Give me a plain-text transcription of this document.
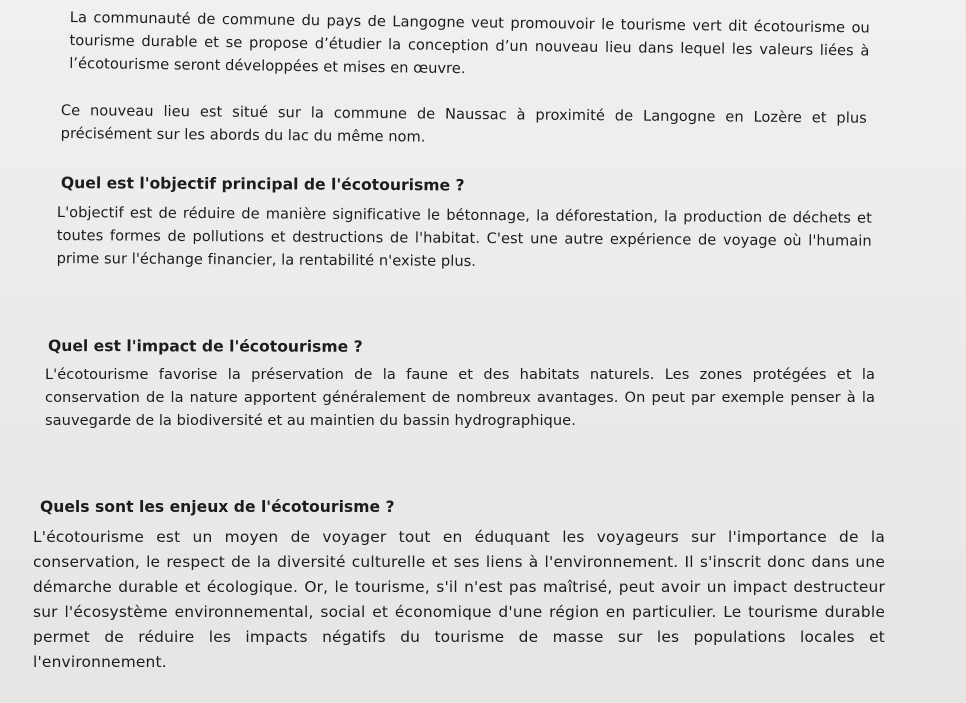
La communauté de commune du pays de Langogne veut promouvoir le tourisme vert dit écotourisme ou tourisme durable et se propose d’étudier la conception d’un nouveau lieu dans lequel les valeurs liées à l’écotourisme seront développées et mises en œuvre.

Ce nouveau lieu est situé sur la commune de Naussac à proximité de Langogne en Lozère et plus précisément sur les abords du lac du même nom.

Quel est l'objectif principal de l'écotourisme ?

L'objectif est de réduire de manière significative le bétonnage, la déforestation, la production de déchets et toutes formes de pollutions et destructions de l'habitat. C'est une autre expérience de voyage où l'humain prime sur l'échange financier, la rentabilité n'existe plus.

Quel est l'impact de l'écotourisme ?

L'écotourisme favorise la préservation de la faune et des habitats naturels. Les zones protégées et la conservation de la nature apportent généralement de nombreux avantages. On peut par exemple penser à la sauvegarde de la biodiversité et au maintien du bassin hydrographique.

Quels sont les enjeux de l'écotourisme ?

L'écotourisme est un moyen de voyager tout en éduquant les voyageurs sur l'importance de la conservation, le respect de la diversité culturelle et ses liens à l'environnement. Il s'inscrit donc dans une démarche durable et écologique. Or, le tourisme, s'il n'est pas maîtrisé, peut avoir un impact destructeur sur l'écosystème environnemental, social et économique d'une région en particulier. Le tourisme durable permet de réduire les impacts négatifs du tourisme de masse sur les populations locales et l'environnement.
